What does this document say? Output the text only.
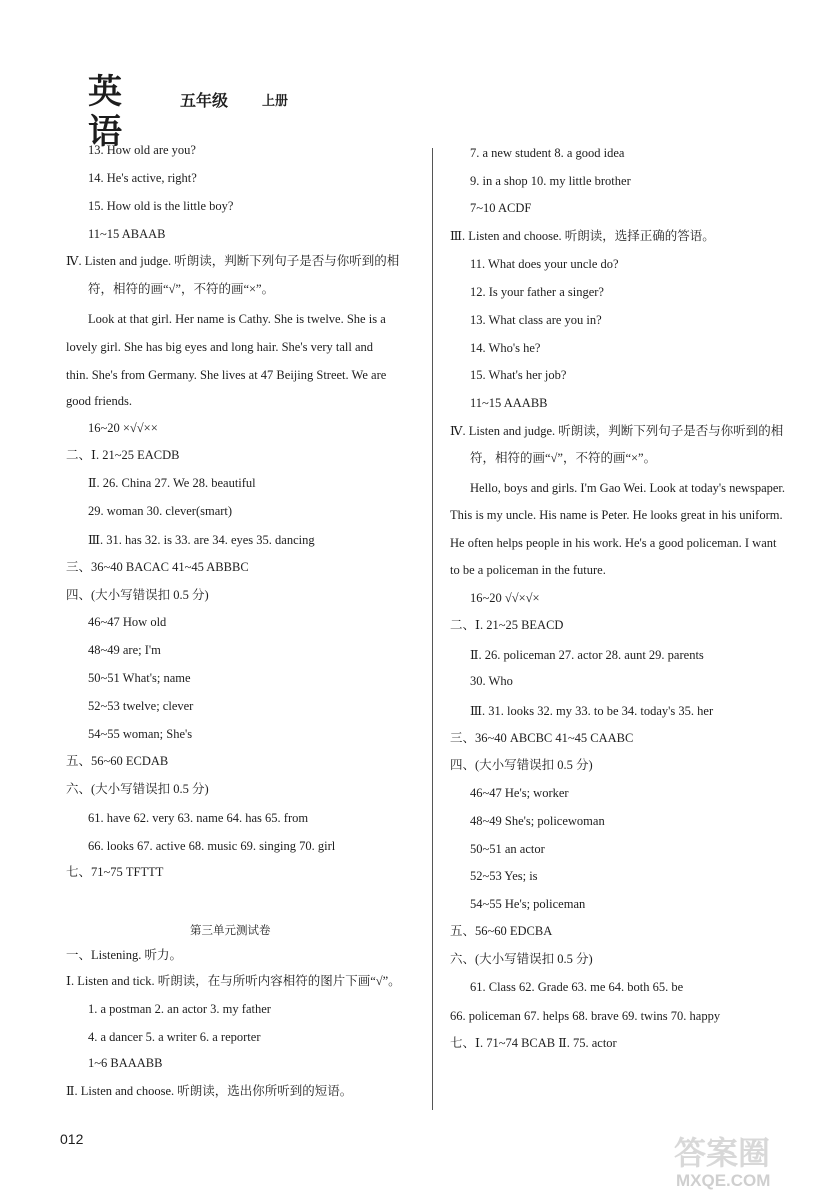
英语
五年级	上册
13. How old are you?
14. He's active, right?
15. How old is the little boy?
11~15 ABAAB
Ⅳ. Listen and judge. 听朗读，判断下列句子是否与你听到的相
符，相符的画“√”，不符的画“×”。
Look at that girl. Her name is Cathy. She is twelve. She is a
lovely girl. She has big eyes and long hair. She's very tall and
thin. She's from Germany. She lives at 47 Beijing Street. We are
good friends.
16~20 ×√√××
二、Ⅰ. 21~25 EACDB
Ⅱ. 26. China 27. We 28. beautiful
29. woman 30. clever(smart)
Ⅲ. 31. has 32. is 33. are 34. eyes 35. dancing
三、36~40 BACAC 41~45 ABBBC
四、(大小写错误扣 0.5 分)
46~47 How old
48~49 are; I'm
50~51 What's; name
52~53 twelve; clever
54~55 woman; She's
五、56~60 ECDAB
六、(大小写错误扣 0.5 分)
61. have 62. very 63. name 64. has 65. from
66. looks 67. active 68. music 69. singing 70. girl
七、71~75 TFTTT
第三单元测试卷
一、Listening. 听力。
Ⅰ. Listen and tick. 听朗读，在与所听内容相符的图片下画“√”。
1. a postman 2. an actor 3. my father
4. a dancer 5. a writer 6. a reporter
1~6 BAAABB
Ⅱ. Listen and choose. 听朗读，选出你所听到的短语。
7. a new student 8. a good idea
9. in a shop 10. my little brother
7~10 ACDF
Ⅲ. Listen and choose. 听朗读，选择正确的答语。
11. What does your uncle do?
12. Is your father a singer?
13. What class are you in?
14. Who's he?
15. What's her job?
11~15 AAABB
Ⅳ. Listen and judge. 听朗读，判断下列句子是否与你听到的相
符，相符的画“√”，不符的画“×”。
Hello, boys and girls. I'm Gao Wei. Look at today's newspaper.
This is my uncle. His name is Peter. He looks great in his uniform.
He often helps people in his work. He's a good policeman. I want
to be a policeman in the future.
16~20 √√×√×
二、Ⅰ. 21~25 BEACD
Ⅱ. 26. policeman 27. actor 28. aunt 29. parents
30. Who
Ⅲ. 31. looks 32. my 33. to be 34. today's 35. her
三、36~40 ABCBC 41~45 CAABC
四、(大小写错误扣 0.5 分)
46~47 He's; worker
48~49 She's; policewoman
50~51 an actor
52~53 Yes; is
54~55 He's; policeman
五、56~60 EDCBA
六、(大小写错误扣 0.5 分)
61. Class 62. Grade 63. me 64. both 65. be
66. policeman 67. helps 68. brave 69. twins 70. happy
七、Ⅰ. 71~74 BCAB Ⅱ. 75. actor
012	答案圈
MXQE.COM
